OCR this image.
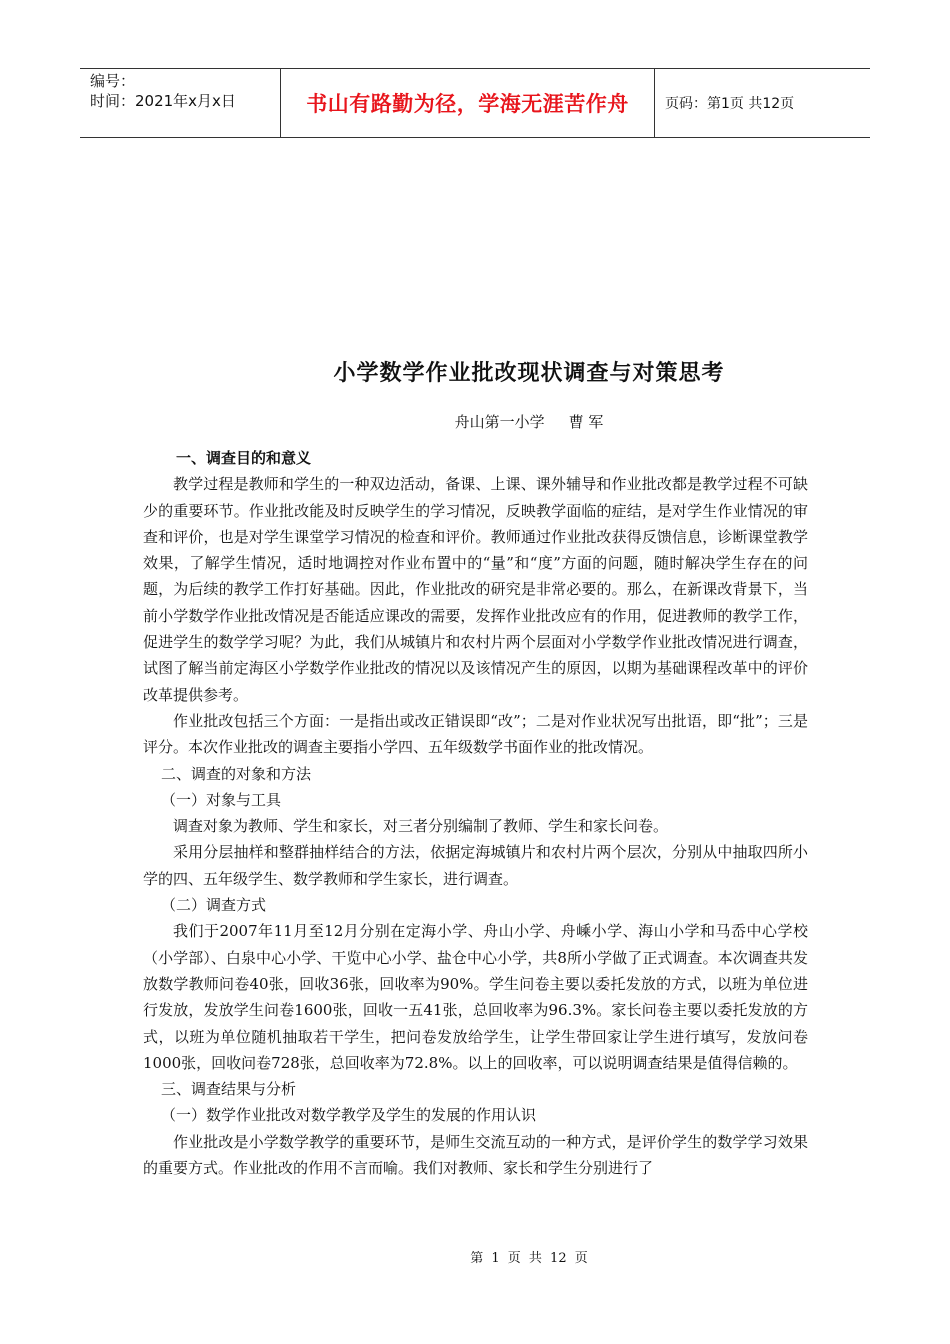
编号：
时间：2021年x月x日	书山有路勤为径，学海无涯苦作舟	页码：第1页 共12页
小学数学作业批改现状调查与对策思考
舟山第一小学 曹 军

一、调查目的和意义

教学过程是教师和学生的一种双边活动，备课、上课、课外辅导和作业批改都是教学过程不可缺少的重要环节。作业批改能及时反映学生的学习情况，反映教学面临的症结，是对学生作业情况的审查和评价，也是对学生课堂学习情况的检查和评价。教师通过作业批改获得反馈信息，诊断课堂教学效果，了解学生情况，适时地调控对作业布置中的“量”和“度”方面的问题，随时解决学生存在的问题，为后续的教学工作打好基础。因此，作业批改的研究是非常必要的。那么，在新课改背景下，当前小学数学作业批改情况是否能适应课改的需要，发挥作业批改应有的作用，促进教师的教学工作，促进学生的数学学习呢？为此，我们从城镇片和农村片两个层面对小学数学作业批改情况进行调查，试图了解当前定海区小学数学作业批改的情况以及该情况产生的原因，以期为基础课程改革中的评价改革提供参考。

作业批改包括三个方面：一是指出或改正错误即“改”；二是对作业状况写出批语，即“批”；三是评分。本次作业批改的调查主要指小学四、五年级数学书面作业的批改情况。

二、调查的对象和方法

（一）对象与工具

调查对象为教师、学生和家长，对三者分别编制了教师、学生和家长问卷。

采用分层抽样和整群抽样结合的方法，依据定海城镇片和农村片两个层次，分别从中抽取四所小学的四、五年级学生、数学教师和学生家长，进行调查。

（二）调查方式

我们于2007年11月至12月分别在定海小学、舟山小学、舟嵊小学、海山小学和马岙中心学校（小学部）、白泉中心小学、干览中心小学、盐仓中心小学，共8所小学做了正式调查。本次调查共发放数学教师问卷40张，回收36张，回收率为90%。学生问卷主要以委托发放的方式，以班为单位进行发放，发放学生问卷1600张，回收一五41张，总回收率为96.3%。家长问卷主要以委托发放的方式，以班为单位随机抽取若干学生，把问卷发放给学生，让学生带回家让学生进行填写，发放问卷1000张，回收问卷728张，总回收率为72.8%。以上的回收率，可以说明调查结果是值得信赖的。

三、调查结果与分析

（一）数学作业批改对数学教学及学生的发展的作用认识

作业批改是小学数学教学的重要环节，是师生交流互动的一种方式，是评价学生的数学学习效果的重要方式。作业批改的作用不言而喻。我们对教师、家长和学生分别进行了

第 1 页 共 12 页
